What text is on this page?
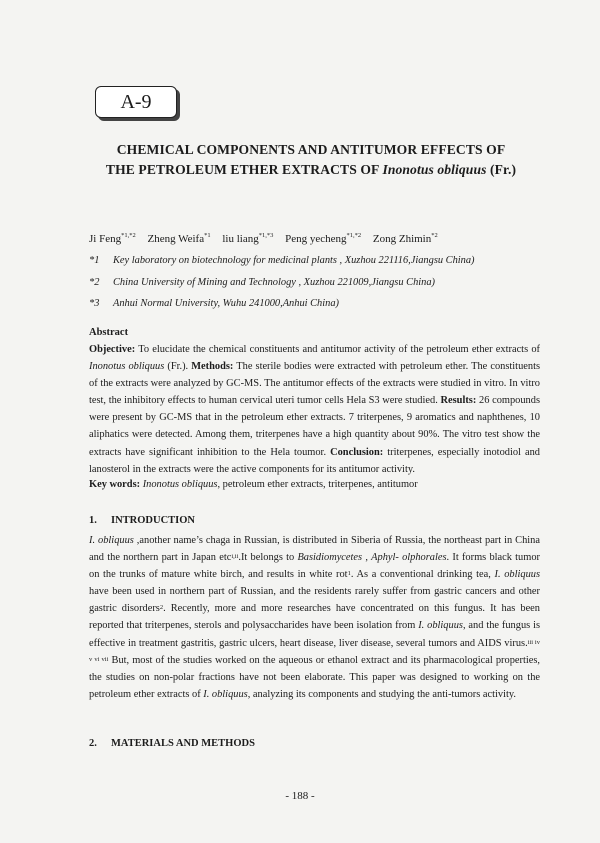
A-9
CHEMICAL COMPONENTS AND ANTITUMOR EFFECTS OF
THE PETROLEUM ETHER EXTRACTS OF Inonotus obliquus (Fr.)
Ji Feng$^{*1,*2}$ Zheng Weifa$^{*1}$ liu liang$^{*1,*3}$ Peng yecheng$^{*1,*2}$ Zong Zhimin$^{*2}$
*1 Key laboratory on biotechnology for medicinal plants , Xuzhou 221116,Jiangsu China)
*2 China University of Mining and Technology , Xuzhou 221009,Jiangsu China)
*3 Anhui Normal University, Wuhu 241000,Anhui China)
Abstract
Objective: To elucidate the chemical constituents and antitumor activity of the petroleum ether extracts of Inonotus obliquus (Fr.). Methods: The sterile bodies were extracted with petroleum ether. The constituents of the extracts were analyzed by GC-MS. The antitumor effects of the extracts were studied in vitro. In vitro test, the inhibitory effects to human cervical uteri tumor cells Hela S3 were studied. Results: 26 compounds were present by GC-MS that in the petroleum ether extracts. 7 triterpenes, 9 aromatics and naphthenes, 10 aliphatics were detected. Among them, triterpenes have a high quantity about 90%. The vitro test show the extracts have significant inhibition to the Hela toumor. Conclusion: triterpenes, especially inotodiol and lanosterol in the extracts were the active components for its antitumor activity.
Key words: Inonotus obliquus, petroleum ether extracts, triterpenes, antitumor
1. INTRODUCTION
I. obliquus ,another name’s chaga in Russian, is distributed in Siberia of Russia, the northeast part in China and the northern part in Japan etc$^{i,ii}$.It belongs to Basidiomycetes , Aphyl- olphorales. It forms black tumor on the trunks of mature white birch, and results in white rot$^1$. As a conventional drinking tea, I. obliquus have been used in northern part of Russian, and the residents rarely suffer from gastric cancers and other gastric disorders$^2$. Recently, more and more researches have concentrated on this fungus. It has been reported that triterpenes, sterols and polysaccharides have been isolation from I. obliquus, and the fungus is effective in treatment gastritis, gastric ulcers, heart disease, liver disease, several tumors and AIDS virus.$^{iii iv v vi vii}$ But, most of the studies worked on the aqueous or ethanol extract and its pharmacological properties, the studies on non-polar fractions have not been elaborate. This paper was designed to working on the petroleum ether extracts of I. obliquus, analyzing its components and studying the anti-tumors activity.
2. MATERIALS AND METHODS
- 188 -
